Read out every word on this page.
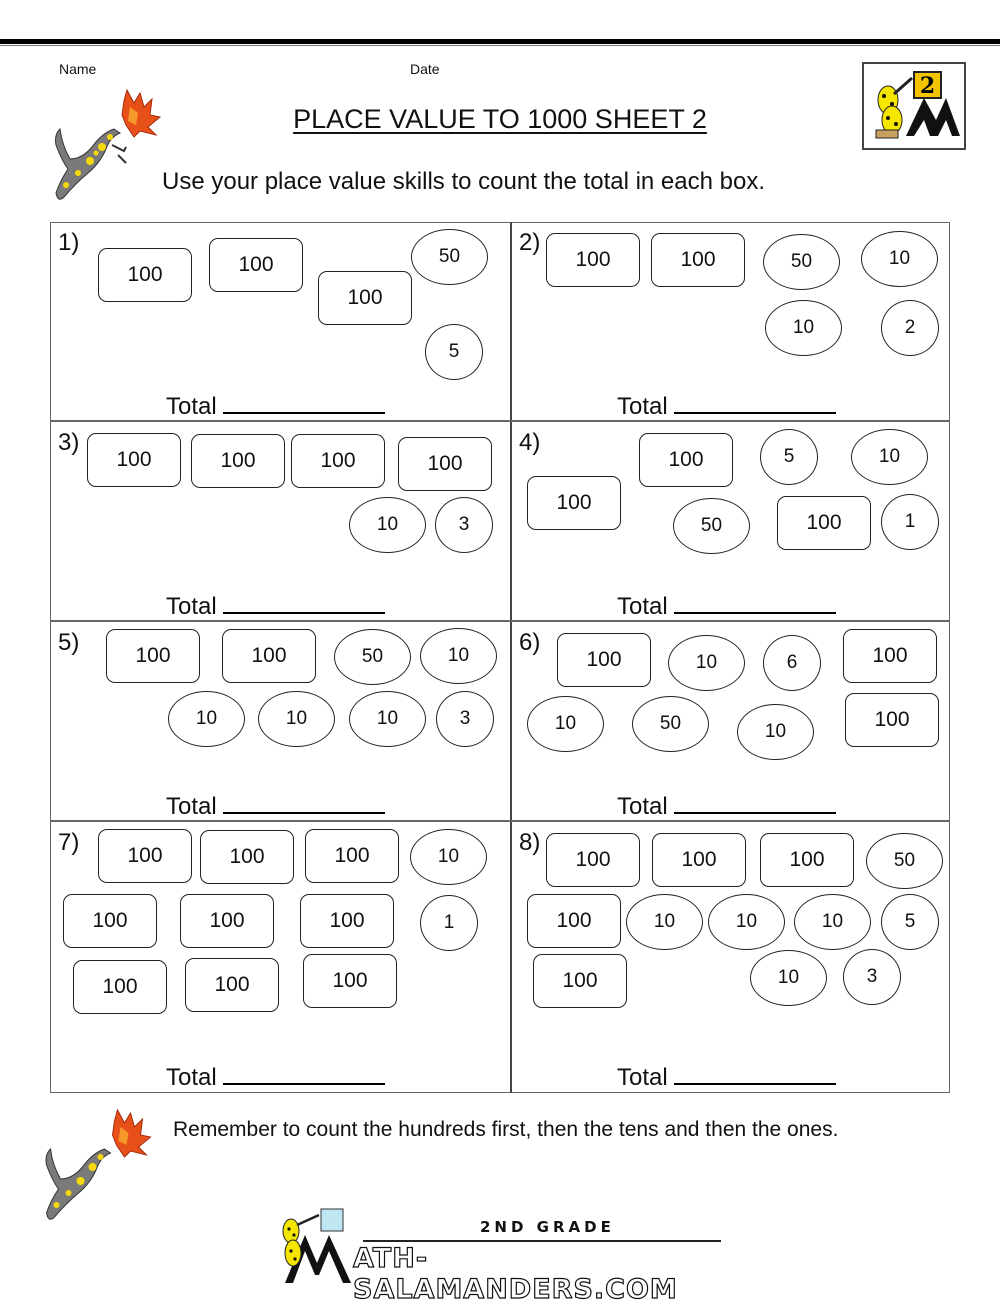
Name	Date
PLACE VALUE TO 1000 SHEET 2
2
Use your place value skills to count the total in each box.
1)	2)
3)	4)
5)	6)
7)	8)
Total	Total
Total	Total
Total	Total
Total	Total
100	100
100
50
5
100	100	50	10
10	2
100	100	100	100
10	3
100	5	10
100
50	100	1
100	100	50	10
10	10	10	3
100	10	6	100
10	50	10
100
100	100	100	10
100	100	100	1
100	100	100
100	100	100	50
100	10	10	10	5
100	10	3
Remember to count the hundreds first, then the tens and then the ones.
2ND GRADE
ATH-SALAMANDERS.COM
